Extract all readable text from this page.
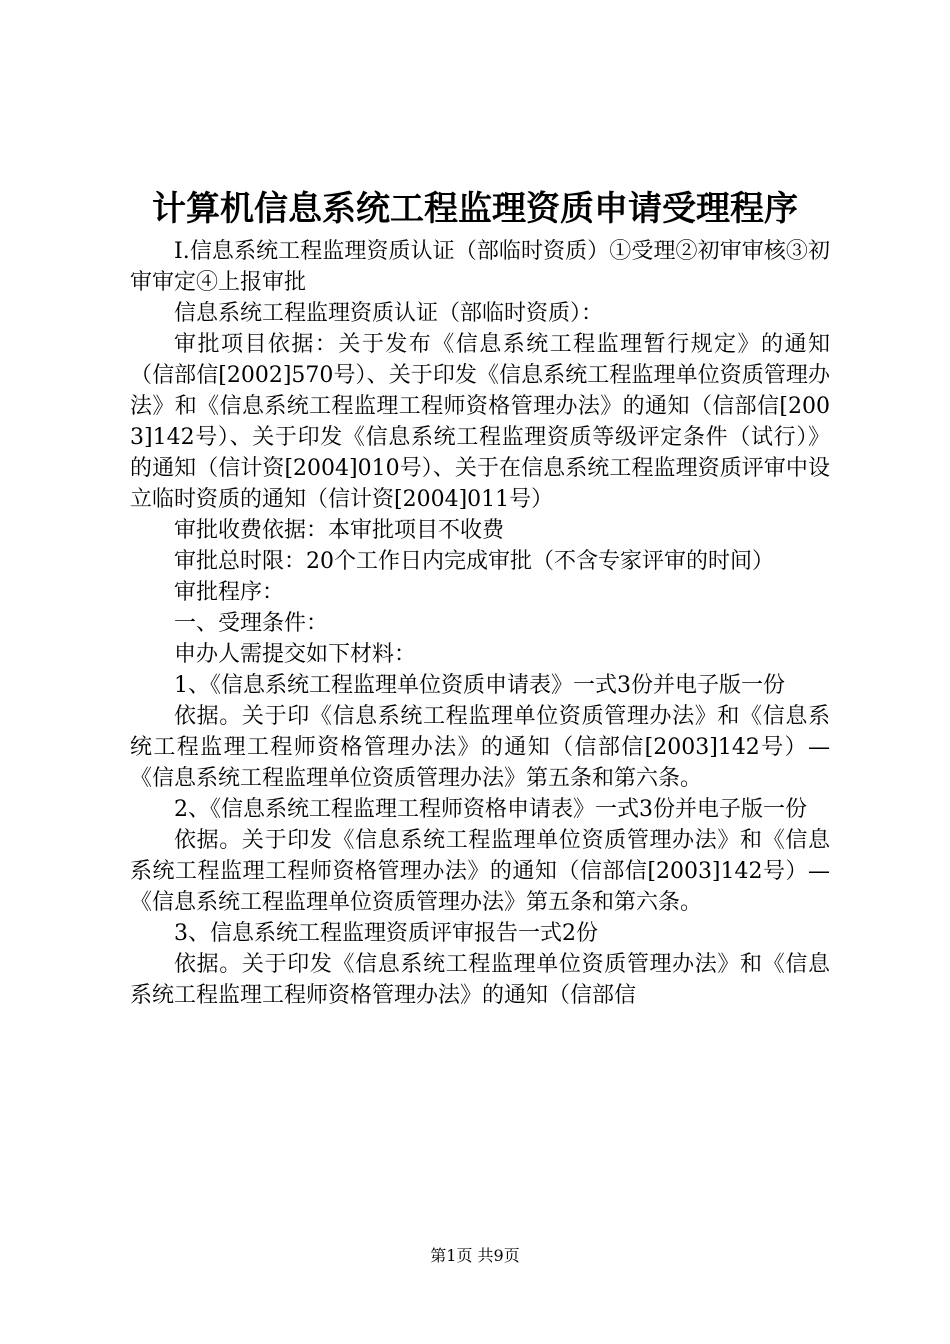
计算机信息系统工程监理资质申请受理程序

Ⅰ.信息系统工程监理资质认证（部临时资质）①受理②初审审核③初审审定④上报审批

信息系统工程监理资质认证（部临时资质）：

审批项目依据：关于发布《信息系统工程监理暂行规定》的通知（信部信[2002]570号）、关于印发《信息系统工程监理单位资质管理办法》和《信息系统工程监理工程师资格管理办法》的通知（信部信[2003]142号）、关于印发《信息系统工程监理资质等级评定条件（试行）》的通知（信计资[2004]010号）、关于在信息系统工程监理资质评审中设立临时资质的通知（信计资[2004]011号）

审批收费依据：本审批项目不收费

审批总时限：20个工作日内完成审批（不含专家评审的时间）

审批程序：

一、受理条件：

申办人需提交如下材料：

1、《信息系统工程监理单位资质申请表》一式3份并电子版一份

依据。关于印《信息系统工程监理单位资质管理办法》和《信息系统工程监理工程师资格管理办法》的通知（信部信[2003]142号）—《信息系统工程监理单位资质管理办法》第五条和第六条。

2、《信息系统工程监理工程师资格申请表》一式3份并电子版一份

依据。关于印发《信息系统工程监理单位资质管理办法》和《信息系统工程监理工程师资格管理办法》的通知（信部信[2003]142号）—《信息系统工程监理单位资质管理办法》第五条和第六条。

3、信息系统工程监理资质评审报告一式2份

依据。关于印发《信息系统工程监理单位资质管理办法》和《信息系统工程监理工程师资格管理办法》的通知（信部信

第1页 共9页
